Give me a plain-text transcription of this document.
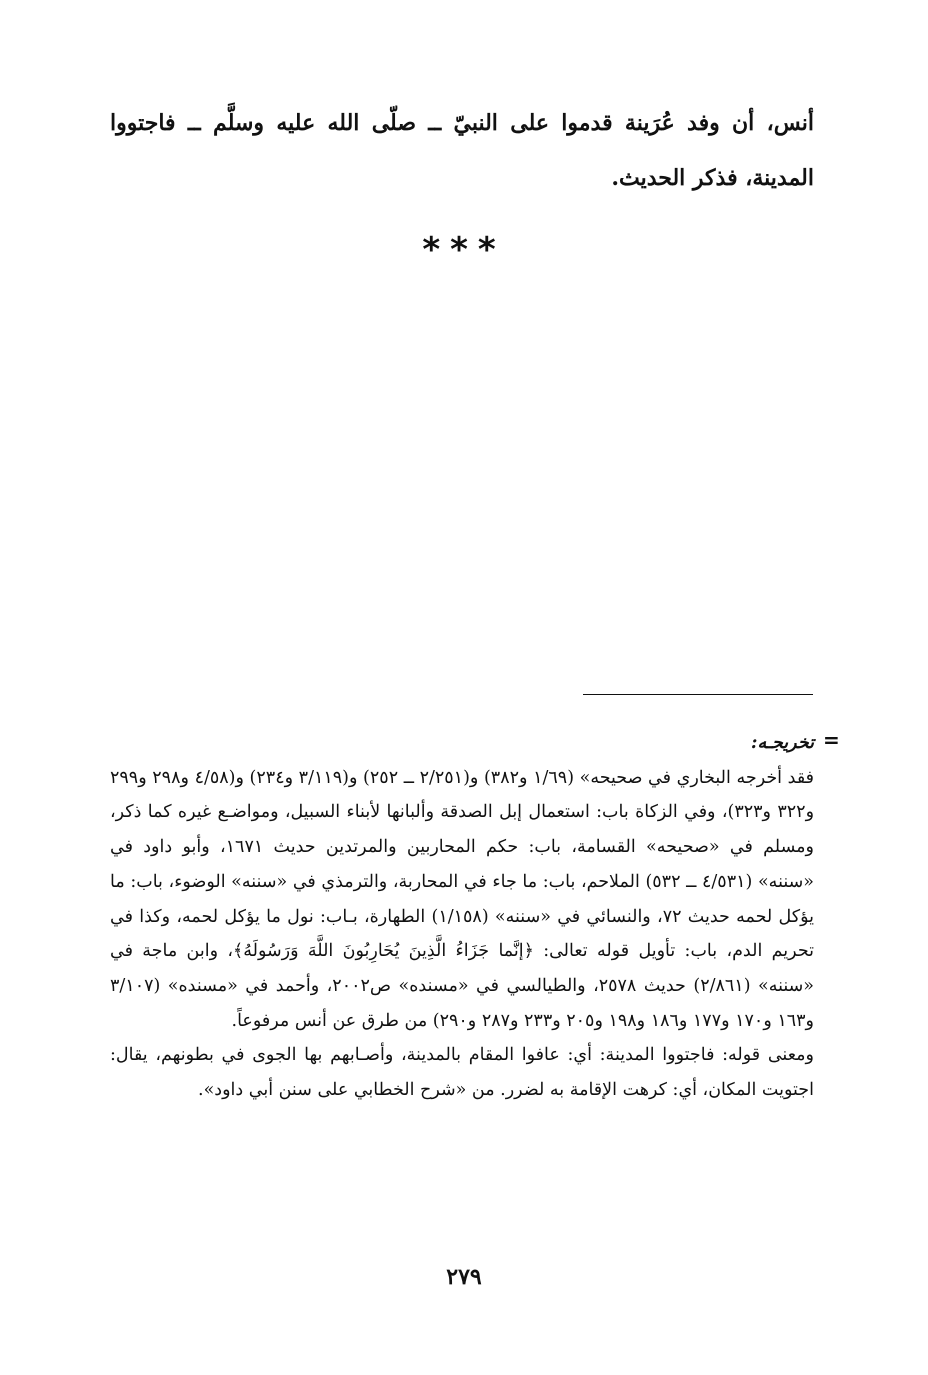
أنس، أن وفد عُرَينة قدموا على النبيّ ــ صلّى الله عليه وسلَّم ــ فاجتووا المدينة، فذكر الحديث.

***
=

تخريجـه:

فقد أخرجه البخاري في صحيحه» (١/٦٩ و٣٨٢) و(٢/٢٥١ ــ ٢٥٢) و(٣/١١٩ و٢٣٤) و(٤/٥٨ و٢٩٨ و٢٩٩ و٣٢٢ و٣٢٣)، وفي الزكاة باب: استعمال إبل الصدقة وألبانها لأبناء السبيل، ومواضـع غيره كما ذكر، ومسلم في «صحيحه» القسامة، باب: حكم المحاربين والمرتدين حديث ١٦٧١، وأبو داود في «سننه» (٤/٥٣١ ــ ٥٣٢) الملاحم، باب: ما جاء في المحاربة، والترمذي في «سننه» الوضوء، باب: ما يؤكل لحمه حديث ٧٢، والنسائي في «سننه» (١/١٥٨) الطهارة، بـاب: نول ما يؤكل لحمه، وكذا في تحريم الدم، باب: تأويل قوله تعالى: ﴿إنَّما جَزَاءُ الَّذِينَ يُحَارِبُونَ اللَّهَ وَرَسُولَهُ﴾، وابن ماجة في «سننه» (٢/٨٦١) حديث ٢٥٧٨، والطيالسي في «مسنده» ص٢٠٠٢، وأحمد في «مسنده» (٣/١٠٧ و١٦٣ و١٧٠ و١٧٧ و١٨٦ و١٩٨ و٢٠٥ و٢٣٣ و٢٨٧ و٢٩٠) من طرق عن أنس مرفوعاً.

ومعنى قوله: فاجتووا المدينة: أي: عافوا المقام بالمدينة، وأصـابهم بها الجوى في بطونهم، يقال: اجتويت المكان، أي: كرهت الإقامة به لضرر. من «شرح الخطابي على سنن أبي داود».

٢٧٩
